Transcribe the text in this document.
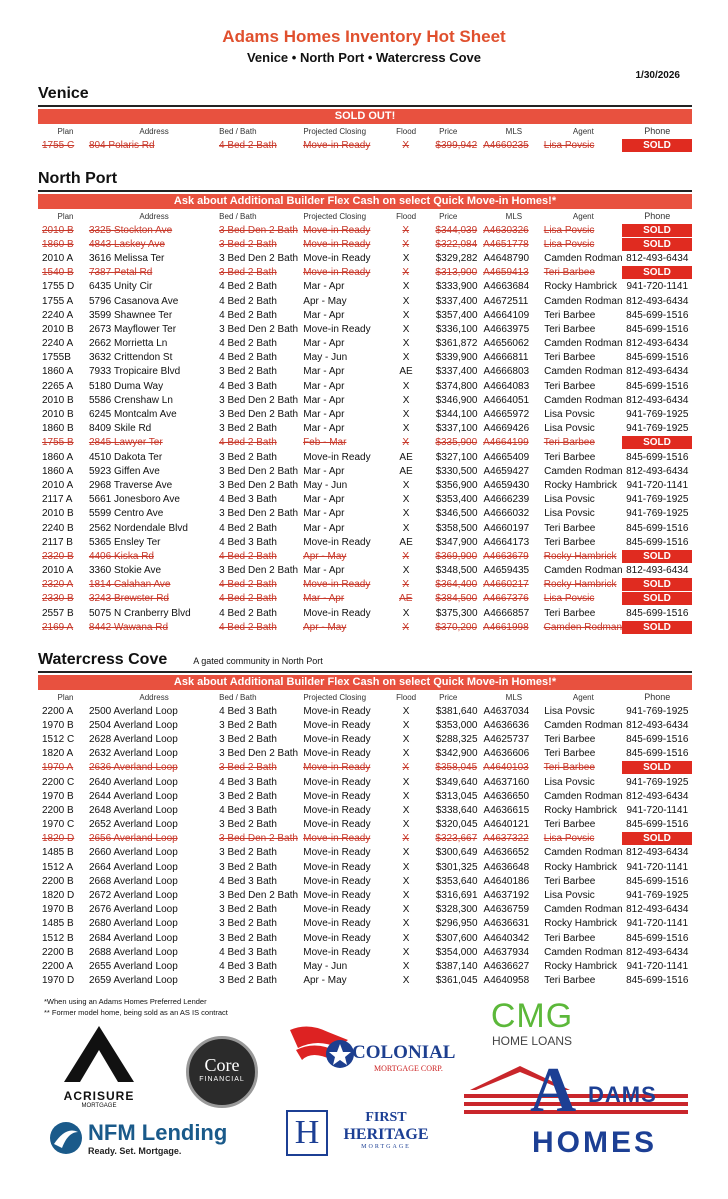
Adams Homes Inventory Hot Sheet
Venice • North Port • Watercress Cove
1/30/2026
Venice
SOLD OUT!
Plan	Address	Bed / Bath	Projected Closing	Flood	Price	MLS	Agent	Phone
1755 C	804 Polaris Rd	4 Bed 2 Bath	Move-in Ready	X	$399,942 A4660235	Lisa Povsic	SOLD
North Port
Ask about Additional Builder Flex Cash on select Quick Move-in Homes!*
Plan	Address	Bed / Bath	Projected Closing	Flood	Price	MLS	Agent	Phone
2010 B	3325 Stockton Ave	3 Bed Den 2 Bath Move-in Ready	X	$344,039 A4630326	Lisa Povsic	SOLD
1860 B	4843 Laskey Ave	3 Bed 2 Bath	Move-in Ready	X	$322,084 A4651778	Lisa Povsic	SOLD
2010 A	3616 Melissa Ter	3 Bed Den 2 Bath Move-in Ready	X	$329,282 A4648790	Camden Rodman 812-493-6434
1540 B	7387 Petal Rd	3 Bed 2 Bath	Move-in Ready	X	$313,900 A4659413	Teri Barbee	SOLD
1755 D	6435 Unity Cir	4 Bed 2 Bath	Mar - Apr	X	$333,900 A4663684	Rocky Hambrick 941-720-1141
1755 A	5796 Casanova Ave	4 Bed 2 Bath	Apr - May	X	$337,400 A4672511	Camden Rodman 812-493-6434
2240 A	3599 Shawnee Ter	4 Bed 2 Bath	Mar - Apr	X	$357,400 A4664109	Teri Barbee	845-699-1516
2010 B	2673 Mayflower Ter	3 Bed Den 2 Bath Move-in Ready	X	$336,100 A4663975	Teri Barbee	845-699-1516
2240 A	2662 Morrietta Ln	4 Bed 2 Bath	Mar - Apr	X	$361,872 A4656062	Camden Rodman 812-493-6434
1755B	3632 Crittendon St	4 Bed 2 Bath	May - Jun	X	$339,900 A4666811	Teri Barbee	845-699-1516
1860 A	7933 Tropicaire Blvd	3 Bed 2 Bath	Mar - Apr	AE	$337,400 A4666803	Camden Rodman 812-493-6434
2265 A	5180 Duma Way	4 Bed 3 Bath	Mar - Apr	X	$374,800 A4664083	Teri Barbee	845-699-1516
2010 B	5586 Crenshaw Ln	3 Bed Den 2 Bath Mar - Apr	X	$346,900 A4664051	Camden Rodman 812-493-6434
2010 B	6245 Montcalm Ave	3 Bed Den 2 Bath Mar - Apr	X	$344,100 A4665972	Lisa Povsic	941-769-1925
1860 B	8409 Skile Rd	3 Bed 2 Bath	Mar - Apr	X	$337,100 A4669426	Lisa Povsic	941-769-1925
1755 B	2845 Lawyer Ter	4 Bed 2 Bath	Feb - Mar	X	$335,900 A4664199	Teri Barbee	SOLD
1860 A	4510 Dakota Ter	3 Bed 2 Bath	Move-in Ready	AE	$327,100 A4665409	Teri Barbee	845-699-1516
1860 A	5923 Giffen Ave	3 Bed Den 2 Bath Mar - Apr	AE	$330,500 A4659427	Camden Rodman 812-493-6434
2010 A	2968 Traverse Ave	3 Bed Den 2 Bath May - Jun	X	$356,900 A4659430	Rocky Hambrick 941-720-1141
2117 A	5661 Jonesboro Ave	4 Bed 3 Bath	Mar - Apr	X	$353,400 A4666239	Lisa Povsic	941-769-1925
2010 B	5599 Centro Ave	3 Bed Den 2 Bath Mar - Apr	X	$346,500 A4666032	Lisa Povsic	941-769-1925
2240 B	2562 Nordendale Blvd	4 Bed 2 Bath	Mar - Apr	X	$358,500 A4660197	Teri Barbee	845-699-1516
2117 B	5365 Ensley Ter	4 Bed 3 Bath	Move-in Ready	AE	$347,900 A4664173	Teri Barbee	845-699-1516
2320 B	4406 Kiska Rd	4 Bed 2 Bath	Apr - May	X	$369,900 A4663679	Rocky Hambrick	SOLD
2010 A	3360 Stokie Ave	3 Bed Den 2 Bath Mar - Apr	X	$348,500 A4659435	Camden Rodman 812-493-6434
2320 A	1814 Calahan Ave	4 Bed 2 Bath	Move-in Ready	X	$364,400 A4660217	Rocky Hambrick	SOLD
2330 B	3243 Brewster Rd	4 Bed 2 Bath	Mar - Apr	AE	$384,500 A4667376	Lisa Povsic	SOLD
2557 B	5075 N Cranberry Blvd	4 Bed 2 Bath	Move-in Ready	X	$375,300 A4666857	Teri Barbee	845-699-1516
2169 A	8442 Wawana Rd	4 Bed 2 Bath	Apr - May	X	$370,200 A4661998	Camden Rodman	SOLD
Watercress Cove	A gated community in North Port
Ask about Additional Builder Flex Cash on select Quick Move-in Homes!*
Plan	Address	Bed / Bath	Projected Closing	Flood	Price	MLS	Agent	Phone
2200 A	2500 Averland Loop	4 Bed 3 Bath	Move-in Ready	X	$381,640 A4637034	Lisa Povsic	941-769-1925
1970 B	2504 Averland Loop	3 Bed 2 Bath	Move-in Ready	X	$353,000 A4636636	Camden Rodman 812-493-6434
1512 C	2628 Averland Loop	3 Bed 2 Bath	Move-in Ready	X	$288,325 A4625737	Teri Barbee	845-699-1516
1820 A	2632 Averland Loop	3 Bed Den 2 Bath Move-in Ready	X	$342,900 A4636606	Teri Barbee	845-699-1516
1970 A	2636 Averland Loop	3 Bed 2 Bath	Move-in Ready	X	$358,045 A4640103	Teri Barbee	SOLD
2200 C	2640 Averland Loop	4 Bed 3 Bath	Move-in Ready	X	$349,640 A4637160	Lisa Povsic	941-769-1925
1970 B	2644 Averland Loop	3 Bed 2 Bath	Move-in Ready	X	$313,045 A4636650	Camden Rodman 812-493-6434
2200 B	2648 Averland Loop	4 Bed 3 Bath	Move-in Ready	X	$338,640 A4636615	Rocky Hambrick 941-720-1141
1970 C	2652 Averland Loop	3 Bed 2 Bath	Move-in Ready	X	$320,045 A4640121	Teri Barbee	845-699-1516
1820 D	2656 Averland Loop	3 Bed Den 2 Bath Move-in Ready	X	$323,667 A4637322	Lisa Povsic	SOLD
1485 B	2660 Averland Loop	3 Bed 2 Bath	Move-in Ready	X	$300,649 A4636652	Camden Rodman 812-493-6434
1512 A	2664 Averland Loop	3 Bed 2 Bath	Move-in Ready	X	$301,325 A4636648	Rocky Hambrick 941-720-1141
2200 B	2668 Averland Loop	4 Bed 3 Bath	Move-in Ready	X	$353,640 A4640186	Teri Barbee	845-699-1516
1820 D	2672 Averland Loop	3 Bed Den 2 Bath Move-in Ready	X	$316,691 A4637192	Lisa Povsic	941-769-1925
1970 B	2676 Averland Loop	3 Bed 2 Bath	Move-in Ready	X	$328,300 A4636759	Camden Rodman 812-493-6434
1485 B	2680 Averland Loop	3 Bed 2 Bath	Move-in Ready	X	$296,950 A4636631	Rocky Hambrick 941-720-1141
1512 B	2684 Averland Loop	3 Bed 2 Bath	Move-in Ready	X	$307,600 A4640342	Teri Barbee	845-699-1516
2200 B	2688 Averland Loop	4 Bed 3 Bath	Move-in Ready	X	$354,000 A4637934	Camden Rodman 812-493-6434
2200 A	2655 Averland Loop	4 Bed 3 Bath	May - Jun	X	$387,140 A4636627	Rocky Hambrick 941-720-1141
1970 D	2659 Averland Loop	3 Bed 2 Bath	Apr - May	X	$361,045 A4640958	Teri Barbee	845-699-1516
*When using an Adams Homes Preferred Lender
** Former model home, being sold as an AS IS contract
ACRISURE
MORTGAGE
Core
FINANCIAL
COLONIAL
MORTGAGE CORP.
CMG
HOME LOANS
A DAMS
HOMES
NFM Lending
Ready. Set. Mortgage.	H	FIRST
HERITAGE
MORTGAGE
